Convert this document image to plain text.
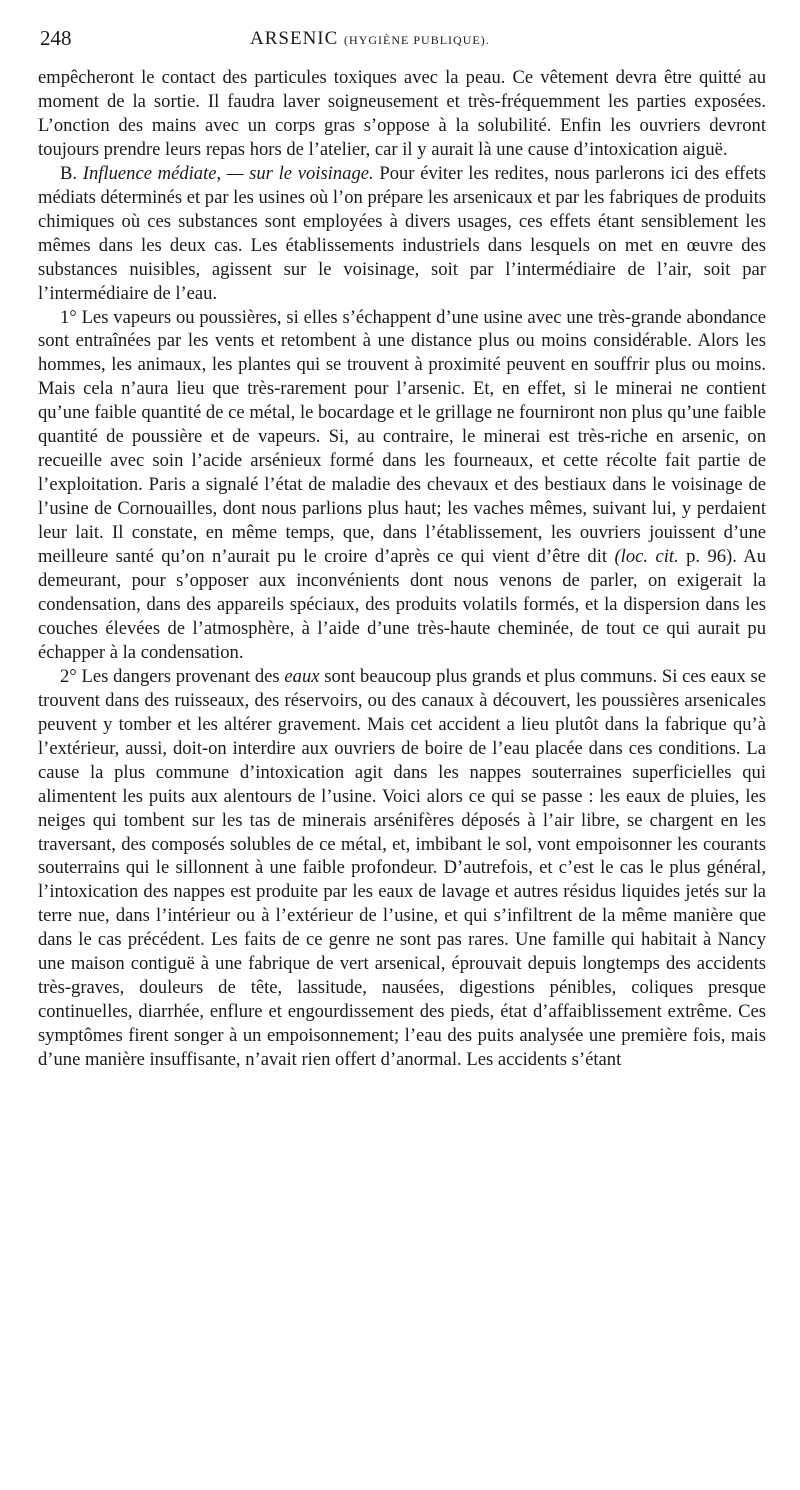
248	ARSENIC (HYGIÈNE PUBLIQUE).

empêcheront le contact des particules toxiques avec la peau. Ce vêtement devra être quitté au moment de la sortie. Il faudra laver soigneusement et très-fréquemment les parties exposées. L’onction des mains avec un corps gras s’oppose à la solubilité. Enfin les ouvriers devront toujours prendre leurs repas hors de l’atelier, car il y aurait là une cause d’intoxication aiguë.

B. Influence médiate, — sur le voisinage. Pour éviter les redites, nous parlerons ici des effets médiats déterminés et par les usines où l’on prépare les arsenicaux et par les fabriques de produits chimiques où ces substances sont employées à divers usages, ces effets étant sensiblement les mêmes dans les deux cas. Les établissements industriels dans lesquels on met en œuvre des substances nuisibles, agissent sur le voisinage, soit par l’intermédiaire de l’air, soit par l’intermédiaire de l’eau.

1° Les vapeurs ou poussières, si elles s’échappent d’une usine avec une très-grande abondance sont entraînées par les vents et retombent à une distance plus ou moins considérable. Alors les hommes, les animaux, les plantes qui se trouvent à proximité peuvent en souffrir plus ou moins. Mais cela n’aura lieu que très-rarement pour l’arsenic. Et, en effet, si le minerai ne contient qu’une faible quantité de ce métal, le bocardage et le grillage ne fourniront non plus qu’une faible quantité de poussière et de vapeurs. Si, au contraire, le minerai est très-riche en arsenic, on recueille avec soin l’acide arsénieux formé dans les fourneaux, et cette récolte fait partie de l’exploitation. Paris a signalé l’état de maladie des chevaux et des bestiaux dans le voisinage de l’usine de Cornouailles, dont nous parlions plus haut; les vaches mêmes, suivant lui, y perdaient leur lait. Il constate, en même temps, que, dans l’établissement, les ouvriers jouissent d’une meilleure santé qu’on n’aurait pu le croire d’après ce qui vient d’être dit (loc. cit. p. 96). Au demeurant, pour s’opposer aux inconvénients dont nous venons de parler, on exigerait la condensation, dans des appareils spéciaux, des produits volatils formés, et la dispersion dans les couches élevées de l’atmosphère, à l’aide d’une très-haute cheminée, de tout ce qui aurait pu échapper à la condensation.

2° Les dangers provenant des eaux sont beaucoup plus grands et plus communs. Si ces eaux se trouvent dans des ruisseaux, des réservoirs, ou des canaux à découvert, les poussières arsenicales peuvent y tomber et les altérer gravement. Mais cet accident a lieu plutôt dans la fabrique qu’à l’extérieur, aussi, doit-on interdire aux ouvriers de boire de l’eau placée dans ces conditions. La cause la plus commune d’intoxication agit dans les nappes souterraines superficielles qui alimentent les puits aux alentours de l’usine. Voici alors ce qui se passe : les eaux de pluies, les neiges qui tombent sur les tas de minerais arsénifères déposés à l’air libre, se chargent en les traversant, des composés solubles de ce métal, et, imbibant le sol, vont empoisonner les courants souterrains qui le sillonnent à une faible profondeur. D’autrefois, et c’est le cas le plus général, l’intoxication des nappes est produite par les eaux de lavage et autres résidus liquides jetés sur la terre nue, dans l’intérieur ou à l’extérieur de l’usine, et qui s’infiltrent de la même manière que dans le cas précédent. Les faits de ce genre ne sont pas rares. Une famille qui habitait à Nancy une maison contiguë à une fabrique de vert arsenical, éprouvait depuis longtemps des accidents très-graves, douleurs de tête, lassitude, nausées, digestions pénibles, coliques presque continuelles, diarrhée, enflure et engourdissement des pieds, état d’affaiblissement extrême. Ces symptômes firent songer à un empoisonnement; l’eau des puits analysée une première fois, mais d’une manière insuffisante, n’avait rien offert d’anormal. Les accidents s’étant
